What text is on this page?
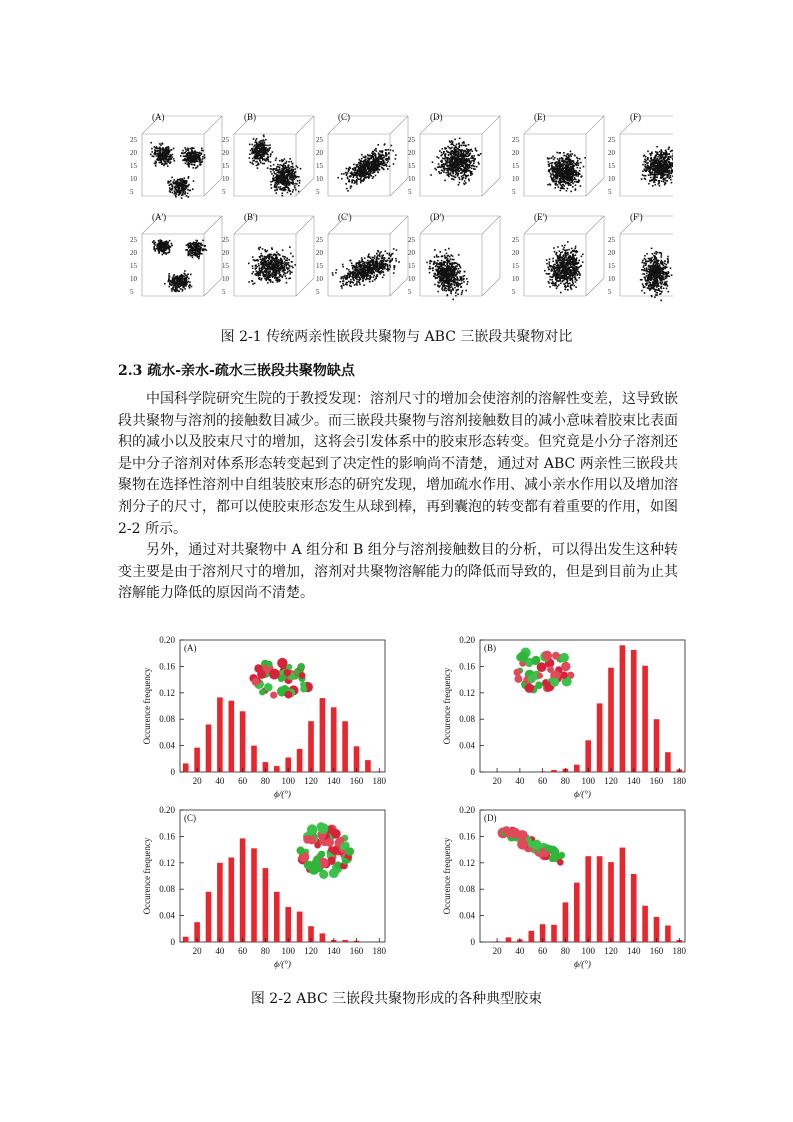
25
20
15
10
5
25
20
15
10
5
25
20
15
10
5
25
20
15
10
5
25
20
15
10
5
25
20
15
10
5
25
20
15
10
5
25
20
15
10
5
25
20
15
10
5
25
20
15
10
5
25
20
15
10
5
25
20
15
10
5
(A)	(B)	(C)	(D)	(E)	(F)
(A')	(B')	(C')	(D')	(E')	(F')
图 2-1 传统两亲性嵌段共聚物与 ABC 三嵌段共聚物对比
2.3 疏水-亲水-疏水三嵌段共聚物缺点

中国科学院研究生院的于教授发现：溶剂尺寸的增加会使溶剂的溶解性变差，这导致嵌段共聚物与溶剂的接触数目减少。而三嵌段共聚物与溶剂接触数目的减小意味着胶束比表面积的减小以及胶束尺寸的增加，这将会引发体系中的胶束形态转变。但究竟是小分子溶剂还是中分子溶剂对体系形态转变起到了决定性的影响尚不清楚，通过对 ABC 两亲性三嵌段共聚物在选择性溶剂中自组装胶束形态的研究发现，增加疏水作用、减小亲水作用以及增加溶剂分子的尺寸，都可以使胶束形态发生从球到棒，再到囊泡的转变都有着重要的作用，如图 2-2 所示。

另外，通过对共聚物中 A 组分和 B 组分与溶剂接触数目的分析，可以得出发生这种转变主要是由于溶剂尺寸的增加，溶剂对共聚物溶解能力的降低而导致的，但是到目前为止其溶解能力降低的原因尚不清楚。

0
0.04
0.08
0.12
0.16
0.20
20 40 60 80 100 120 140 160 180
ϕ/(°)
Occurence frequency
(A)
0
0.04
0.08
0.12
0.16
0.20
20 40 60 80 100 120 140 160 180
ϕ/(°)
Occurence frequency
(B)
0
0.04
0.08
0.12
0.16
0.20
20 40 60 80 100 120 140 160 180
ϕ/(°)
Occurence frequency
(C)
0
0.04
0.08
0.12
0.16
0.20
20 40 60 80 100 120 140 160 180
ϕ/(°)
Occurence frequency
(D)
图 2-2 ABC 三嵌段共聚物形成的各种典型胶束
